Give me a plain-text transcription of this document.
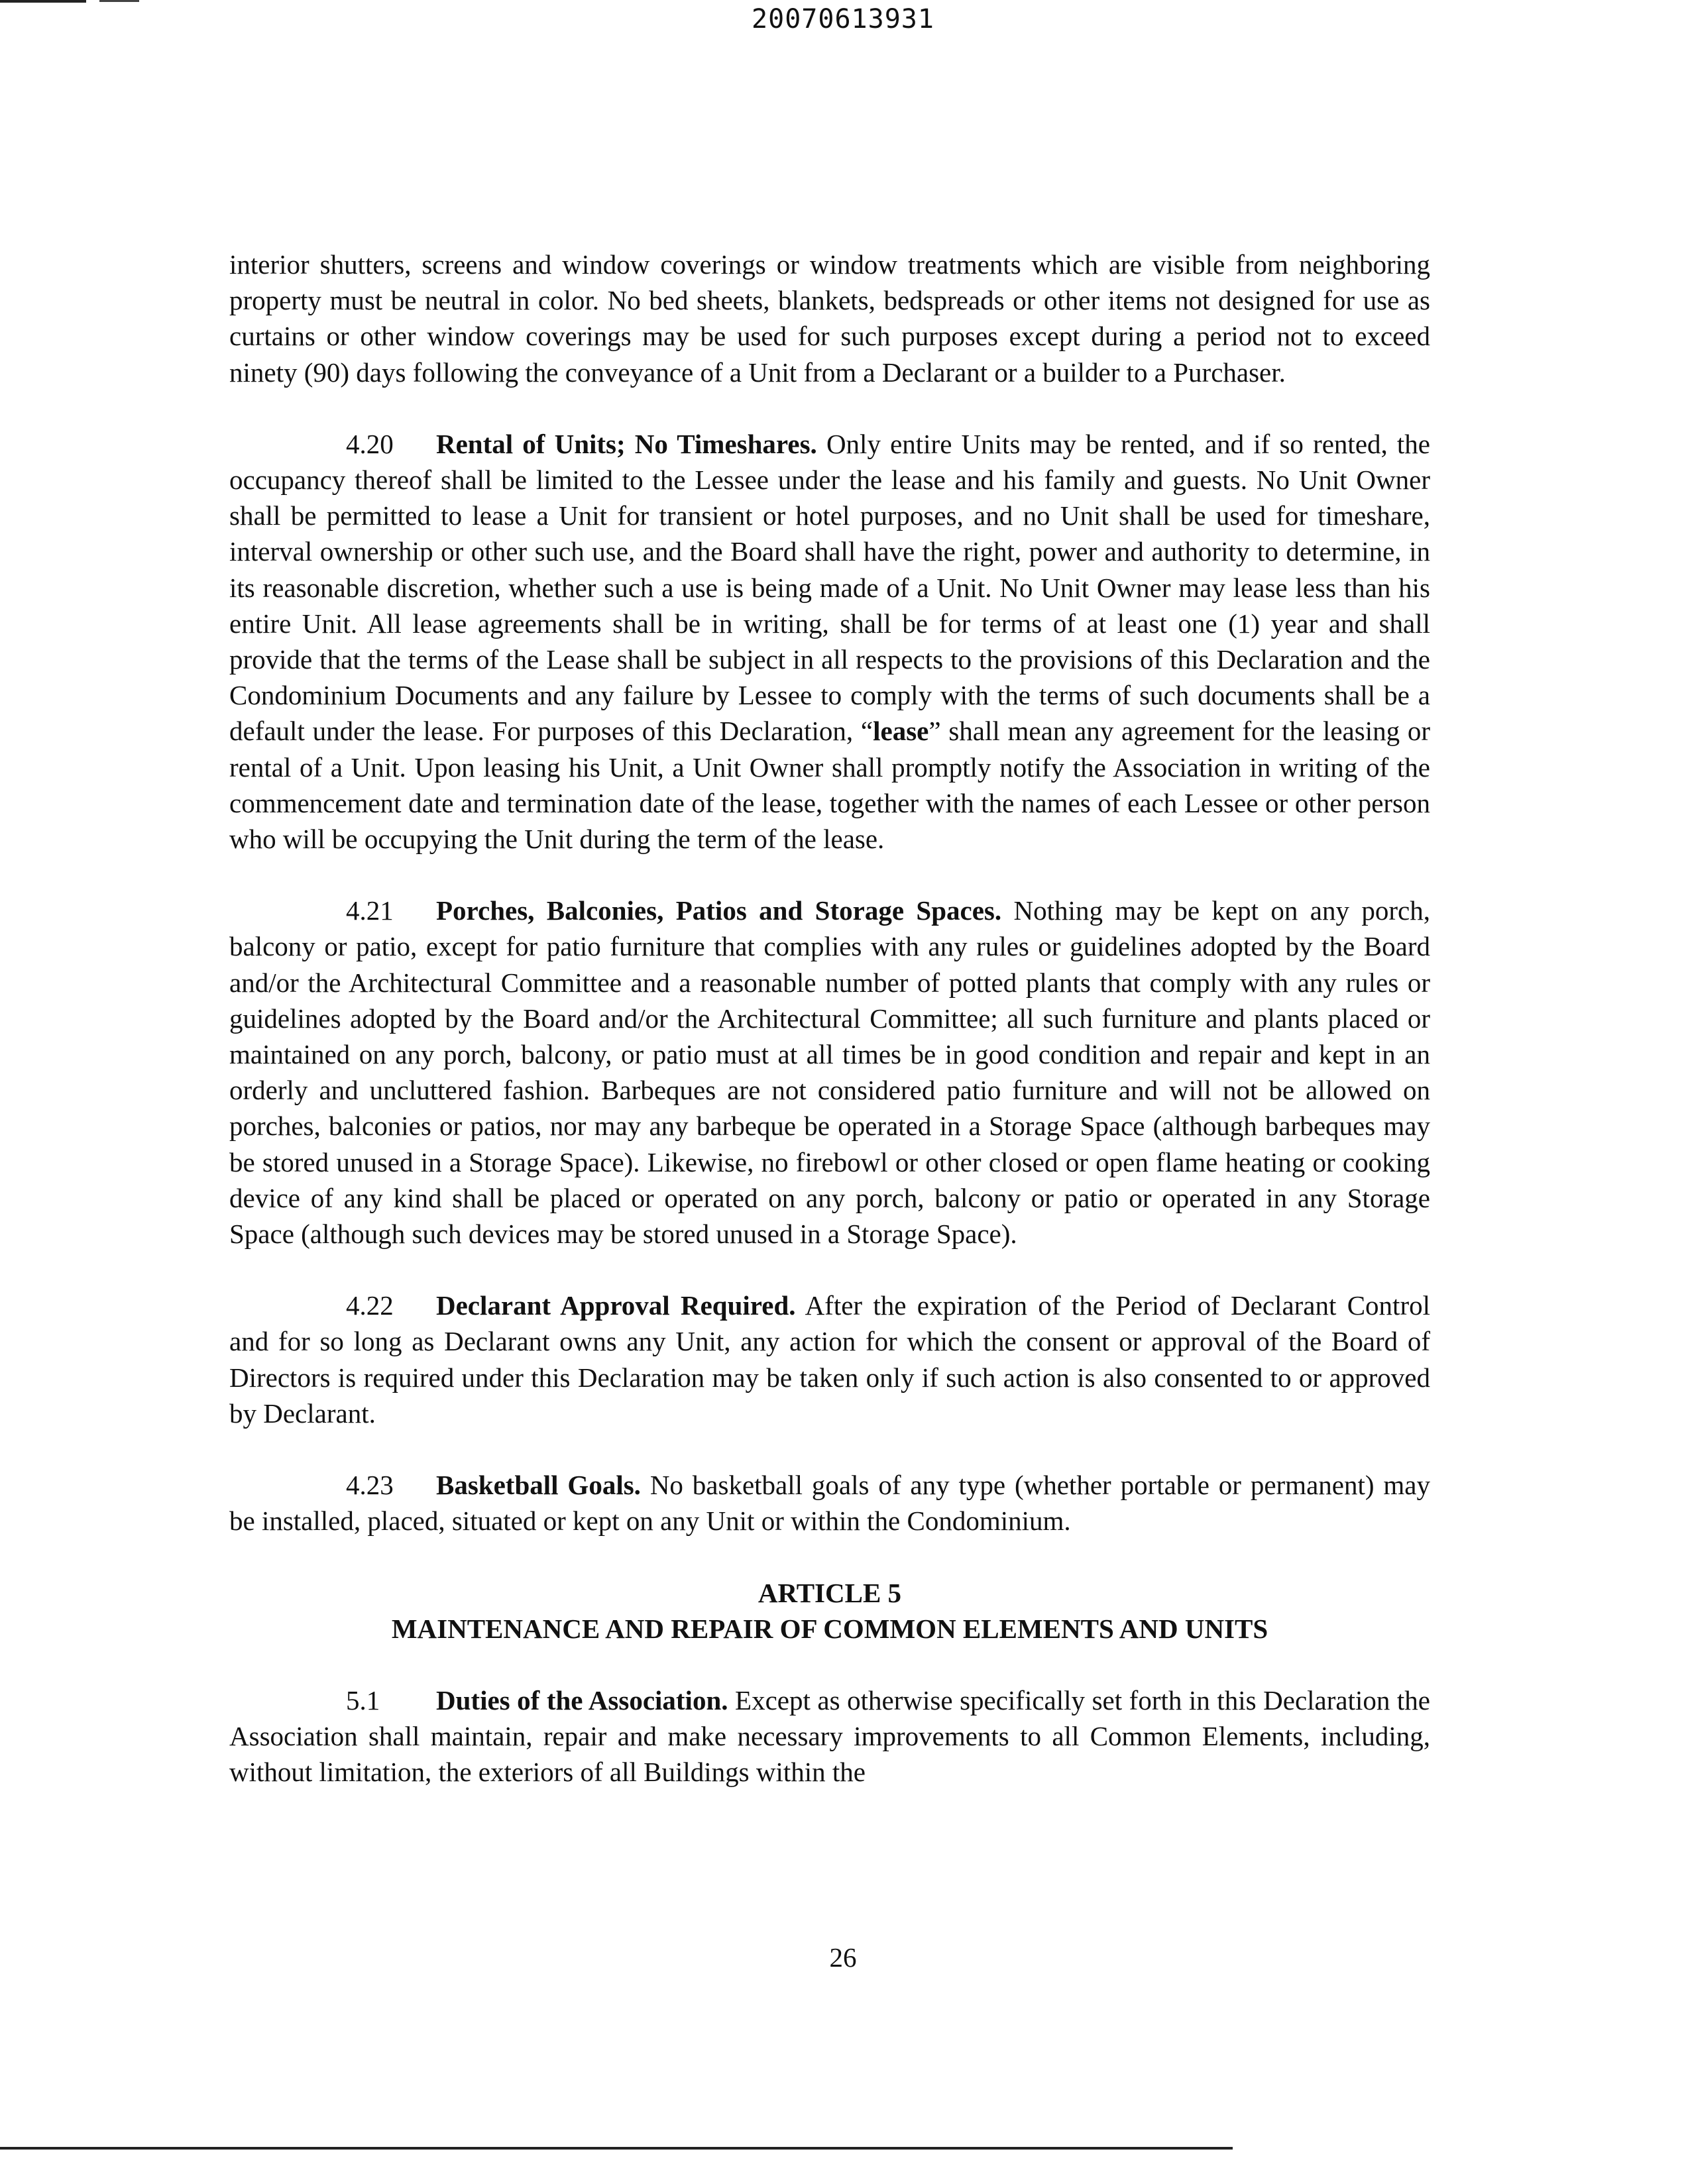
20070613931

interior shutters, screens and window coverings or window treatments which are visible from neighboring property must be neutral in color. No bed sheets, blankets, bedspreads or other items not designed for use as curtains or other window coverings may be used for such purposes except during a period not to exceed ninety (90) days following the conveyance of a Unit from a Declarant or a builder to a Purchaser.

4.20 Rental of Units; No Timeshares. Only entire Units may be rented, and if so rented, the occupancy thereof shall be limited to the Lessee under the lease and his family and guests. No Unit Owner shall be permitted to lease a Unit for transient or hotel purposes, and no Unit shall be used for timeshare, interval ownership or other such use, and the Board shall have the right, power and authority to determine, in its reasonable discretion, whether such a use is being made of a Unit. No Unit Owner may lease less than his entire Unit. All lease agreements shall be in writing, shall be for terms of at least one (1) year and shall provide that the terms of the Lease shall be subject in all respects to the provisions of this Declaration and the Condominium Documents and any failure by Lessee to comply with the terms of such documents shall be a default under the lease. For purposes of this Declaration, “lease” shall mean any agreement for the leasing or rental of a Unit. Upon leasing his Unit, a Unit Owner shall promptly notify the Association in writing of the commencement date and termination date of the lease, together with the names of each Lessee or other person who will be occupying the Unit during the term of the lease.

4.21 Porches, Balconies, Patios and Storage Spaces. Nothing may be kept on any porch, balcony or patio, except for patio furniture that complies with any rules or guidelines adopted by the Board and/or the Architectural Committee and a reasonable number of potted plants that comply with any rules or guidelines adopted by the Board and/or the Architectural Committee; all such furniture and plants placed or maintained on any porch, balcony, or patio must at all times be in good condition and repair and kept in an orderly and uncluttered fashion. Barbeques are not considered patio furniture and will not be allowed on porches, balconies or patios, nor may any barbeque be operated in a Storage Space (although barbeques may be stored unused in a Storage Space). Likewise, no firebowl or other closed or open flame heating or cooking device of any kind shall be placed or operated on any porch, balcony or patio or operated in any Storage Space (although such devices may be stored unused in a Storage Space).

4.22 Declarant Approval Required. After the expiration of the Period of Declarant Control and for so long as Declarant owns any Unit, any action for which the consent or approval of the Board of Directors is required under this Declaration may be taken only if such action is also consented to or approved by Declarant.

4.23 Basketball Goals. No basketball goals of any type (whether portable or permanent) may be installed, placed, situated or kept on any Unit or within the Condominium.

ARTICLE 5

MAINTENANCE AND REPAIR OF COMMON ELEMENTS AND UNITS

5.1 Duties of the Association. Except as otherwise specifically set forth in this Declaration the Association shall maintain, repair and make necessary improvements to all Common Elements, including, without limitation, the exteriors of all Buildings within the

26
